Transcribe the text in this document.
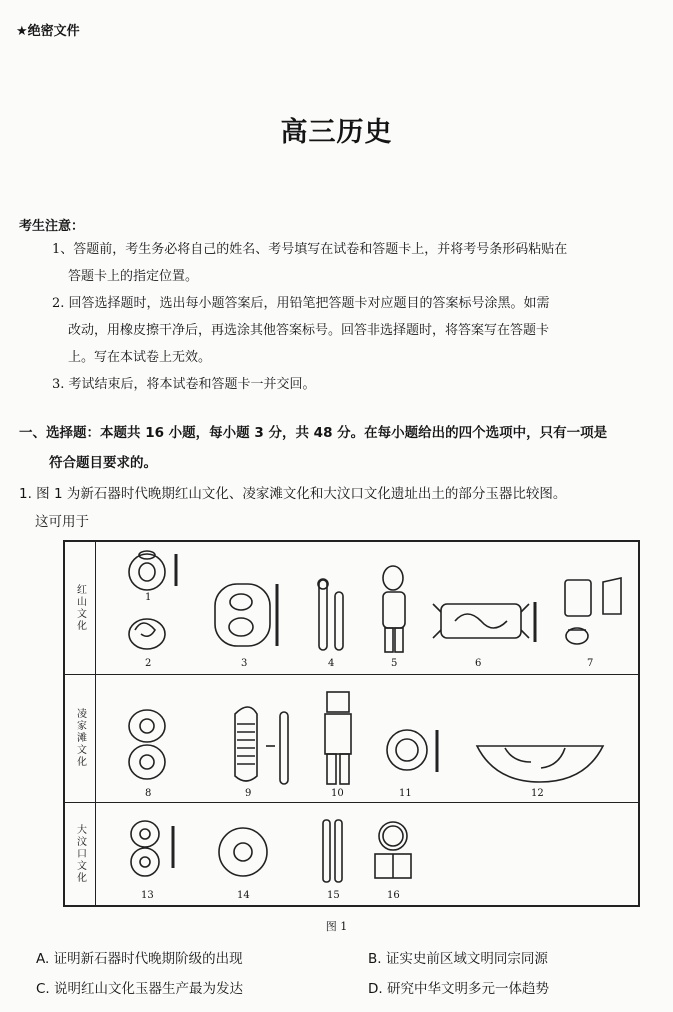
★绝密文件
高三历史
考生注意：
1、答题前，考生务必将自己的姓名、考号填写在试卷和答题卡上，并将考号条形码粘贴在
答题卡上的指定位置。
2. 回答选择题时，选出每小题答案后，用铅笔把答题卡对应题目的答案标号涂黑。如需
改动，用橡皮擦干净后，再选涂其他答案标号。回答非选择题时，将答案写在答题卡
上。写在本试卷上无效。
3. 考试结束后，将本试卷和答题卡一并交回。
一、选择题：本题共 16 小题，每小题 3 分，共 48 分。在每小题给出的四个选项中，只有一项是
符合题目要求的。
1. 图 1 为新石器时代晚期红山文化、凌家滩文化和大汶口文化遗址出土的部分玉器比较图。
这可用于
红山文化
2
1
3	4	5	6	7
凌家滩文化
8	9	10	11	12
大汶口文化
13	14	15	16
图 1
A. 证明新石器时代晚期阶级的出现	B. 证实史前区域文明同宗同源
C. 说明红山文化玉器生产最为发达	D. 研究中华文明多元一体趋势
